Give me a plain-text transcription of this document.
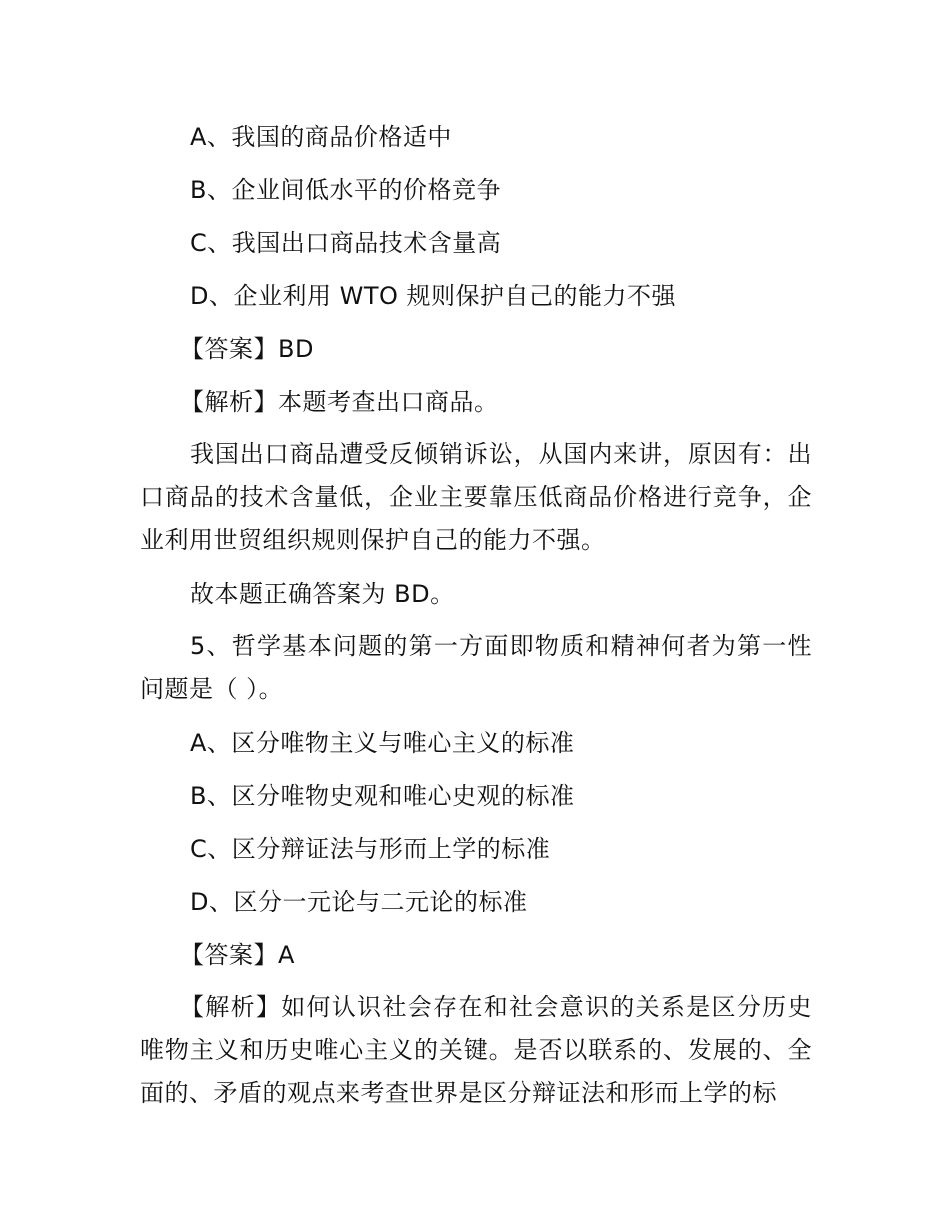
A、我国的商品价格适中
B、企业间低水平的价格竞争
C、我国出口商品技术含量高
D、企业利用 WTO 规则保护自己的能力不强
【答案】BD
【解析】本题考查出口商品。
我国出口商品遭受反倾销诉讼，从国内来讲，原因有：出口商品的技术含量低，企业主要靠压低商品价格进行竞争，企业利用世贸组织规则保护自己的能力不强。
故本题正确答案为 BD。
5、哲学基本问题的第一方面即物质和精神何者为第一性问题是（ ）。
A、区分唯物主义与唯心主义的标准
B、区分唯物史观和唯心史观的标准
C、区分辩证法与形而上学的标准
D、区分一元论与二元论的标准
【答案】A
【解析】如何认识社会存在和社会意识的关系是区分历史唯物主义和历史唯心主义的关键。是否以联系的、发展的、全面的、矛盾的观点来考查世界是区分辩证法和形而上学的标
